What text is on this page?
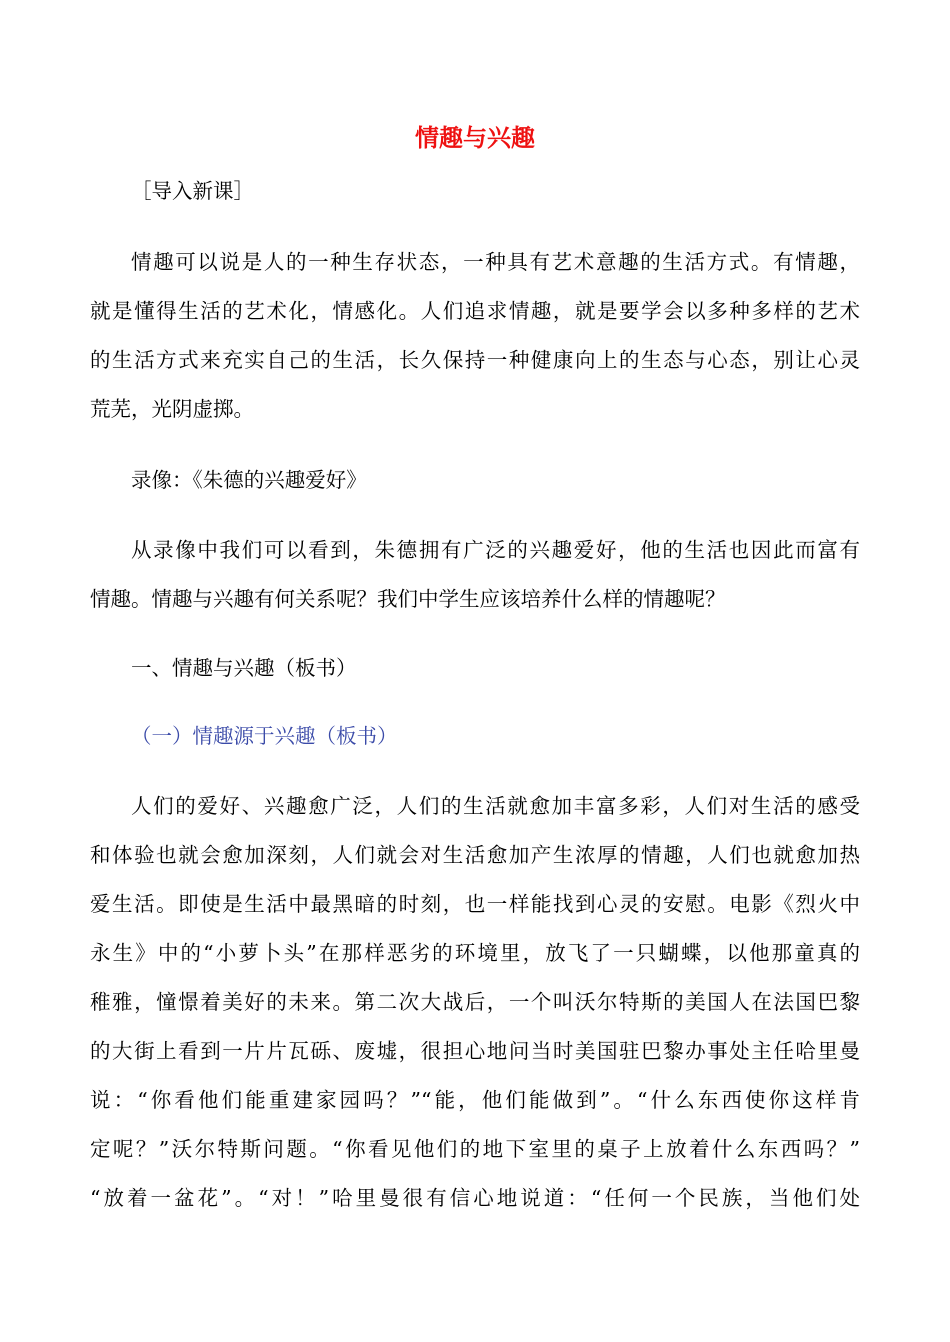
情趣与兴趣
［导入新课］
情趣可以说是人的一种生存状态，一种具有艺术意趣的生活方式。有情趣，
就是懂得生活的艺术化，情感化。人们追求情趣，就是要学会以多种多样的艺术
的生活方式来充实自己的生活，长久保持一种健康向上的生态与心态，别让心灵
荒芜，光阴虚掷。
录像：《朱德的兴趣爱好》
从录像中我们可以看到，朱德拥有广泛的兴趣爱好，他的生活也因此而富有
情趣。情趣与兴趣有何关系呢？我们中学生应该培养什么样的情趣呢？
一、情趣与兴趣（板书）
（一）情趣源于兴趣（板书）
人们的爱好、兴趣愈广泛，人们的生活就愈加丰富多彩，人们对生活的感受
和体验也就会愈加深刻，人们就会对生活愈加产生浓厚的情趣，人们也就愈加热
爱生活。即使是生活中最黑暗的时刻，也一样能找到心灵的安慰。电影《烈火中
永生》中的“小萝卜头”在那样恶劣的环境里，放飞了一只蝴蝶，以他那童真的
稚雅，憧憬着美好的未来。第二次大战后，一个叫沃尔特斯的美国人在法国巴黎
的大街上看到一片片瓦砾、废墟，很担心地问当时美国驻巴黎办事处主任哈里曼
说：“你看他们能重建家园吗？”“能，他们能做到”。“什么东西使你这样肯
定呢？”沃尔特斯问题。“你看见他们的地下室里的桌子上放着什么东西吗？”
“放着一盆花”。“对！”哈里曼很有信心地说道：“任何一个民族，当他们处
